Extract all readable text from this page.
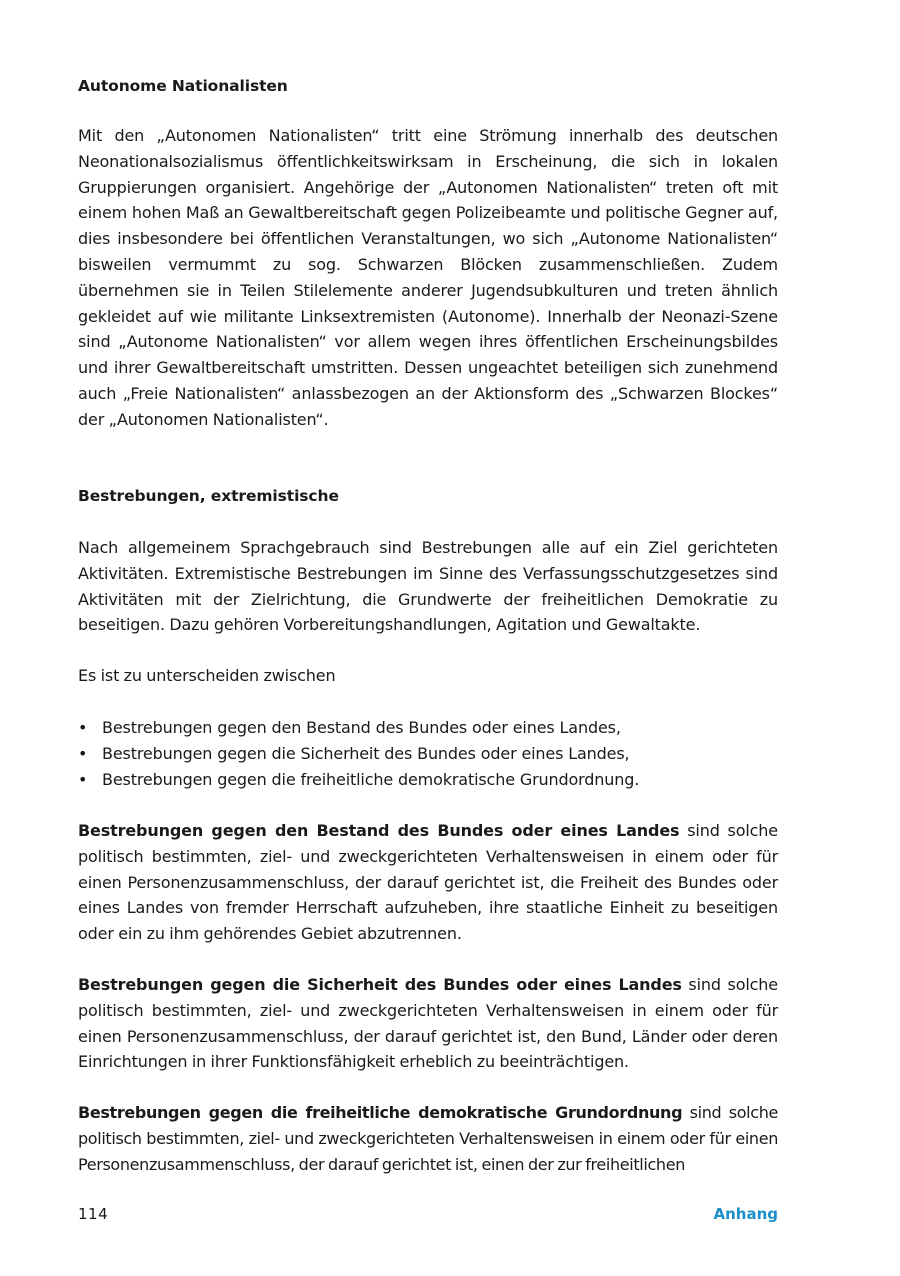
Autonome Nationalisten

Mit den „Autonomen Nationalisten“ tritt eine Strömung innerhalb des deutschen Neonationalsozialismus öffentlichkeitswirksam in Erscheinung, die sich in lokalen Gruppierungen organisiert. Angehörige der „Autonomen Nationalisten“ treten oft mit einem hohen Maß an Gewaltbereitschaft gegen Polizeibeamte und politische Gegner auf, dies insbesondere bei öffentlichen Veranstaltungen, wo sich „Autonome Nationalisten“ bisweilen vermummt zu sog. Schwarzen Blöcken zusammenschließen. Zudem übernehmen sie in Teilen Stilelemente anderer Jugendsubkulturen und treten ähnlich gekleidet auf wie militante Linksextremisten (Autonome). Innerhalb der Neonazi-Szene sind „Autonome Nationalisten“ vor allem wegen ihres öffentlichen Erscheinungsbildes und ihrer Gewaltbereitschaft umstritten. Dessen ungeachtet beteiligen sich zunehmend auch „Freie Nationalisten“ anlassbezogen an der Aktionsform des „Schwarzen Blockes“ der „Autonomen Nationalisten“.

Bestrebungen, extremistische

Nach allgemeinem Sprachgebrauch sind Bestrebungen alle auf ein Ziel gerichteten Aktivitäten. Extremistische Bestrebungen im Sinne des Verfassungsschutzgesetzes sind Aktivitäten mit der Zielrichtung, die Grundwerte der freiheitlichen Demokratie zu beseitigen. Dazu gehören Vorbereitungshandlungen, Agitation und Gewaltakte.

Es ist zu unterscheiden zwischen

• Bestrebungen gegen den Bestand des Bundes oder eines Landes,
• Bestrebungen gegen die Sicherheit des Bundes oder eines Landes,
• Bestrebungen gegen die freiheitliche demokratische Grundordnung.

Bestrebungen gegen den Bestand des Bundes oder eines Landes sind solche politisch bestimmten, ziel- und zweckgerichteten Verhaltensweisen in einem oder für einen Personenzusammenschluss, der darauf gerichtet ist, die Freiheit des Bundes oder eines Landes von fremder Herrschaft aufzuheben, ihre staatliche Einheit zu beseitigen oder ein zu ihm gehörendes Gebiet abzutrennen.

Bestrebungen gegen die Sicherheit des Bundes oder eines Landes sind solche politisch bestimmten, ziel- und zweckgerichteten Verhaltensweisen in einem oder für einen Personenzusammenschluss, der darauf gerichtet ist, den Bund, Länder oder deren Einrichtungen in ihrer Funktionsfähigkeit erheblich zu beeinträchtigen.

Bestrebungen gegen die freiheitliche demokratische Grundordnung sind solche politisch bestimmten, ziel- und zweckgerichteten Verhaltensweisen in einem oder für einen Personenzusammenschluss, der darauf gerichtet ist, einen der zur freiheitlichen

114	Anhang
